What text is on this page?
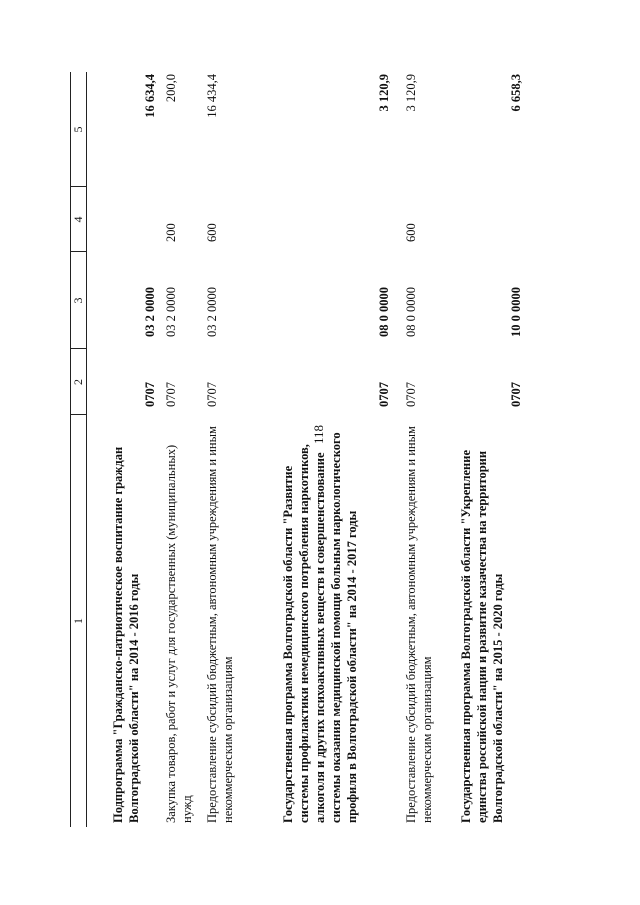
118
1
2
3
4
5
Подпрограмма "Гражданско-патриотическое воспитание граждан Волгоградской области" на 2014 - 2016 годы
0707
03 2 0000
16 634,4
Закупка товаров, работ и услуг для государственных (муниципальных) нужд
0707
03 2 0000
200
200,0
Предоставление субсидий бюджетным, автономным учреждениям и иным некоммерческим организациям
0707
03 2 0000
600
16 434,4
Государственная программа Волгоградской области "Развитие системы профилактики немедицинского потребления наркотиков, алкоголя и других психоактивных веществ и совершенствование системы оказания медицинской помощи больным наркологического профиля в Волгоградской области" на 2014 - 2017 годы
0707
08 0 0000
3 120,9
Предоставление субсидий бюджетным, автономным учреждениям и иным некоммерческим организациям
0707
08 0 0000
600
3 120,9
Государственная программа Волгоградской области "Укрепление единства российской нации и развитие казачества на территории Волгоградской области" на 2015 - 2020 годы
0707
10 0 0000
6 658,3
